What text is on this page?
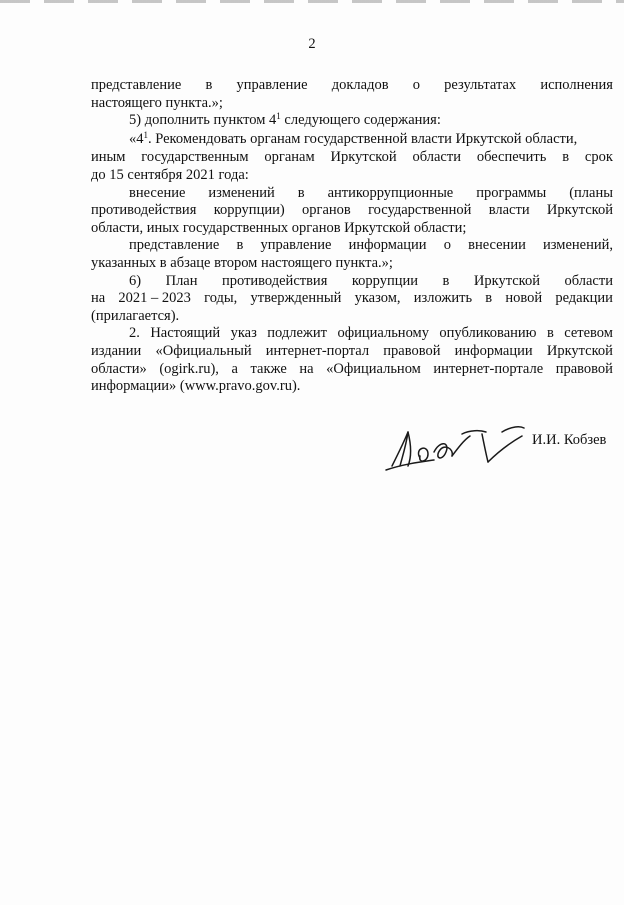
2
представление в управление докладов о результатах исполнения
настоящего пункта.»;
5) дополнить пунктом $4^1$ следующего содержания:
«$4^1$. Рекомендовать органам государственной власти Иркутской области,
иным государственным органам Иркутской области обеспечить в срок
до 15 сентября 2021 года:
внесение изменений в антикоррупционные программы (планы
противодействия коррупции) органов государственной власти Иркутской
области, иных государственных органов Иркутской области;
представление в управление информации о внесении изменений,
указанных в абзаце втором настоящего пункта.»;
6) План противодействия коррупции в Иркутской области
на 2021 – 2023 годы, утвержденный указом, изложить в новой редакции
(прилагается).
2. Настоящий указ подлежит официальному опубликованию в сетевом
издании «Официальный интернет-портал правовой информации Иркутской
области» (ogirk.ru), а также на «Официальном интернет-портале правовой
информации» (www.pravo.gov.ru).
И.И. Кобзев
